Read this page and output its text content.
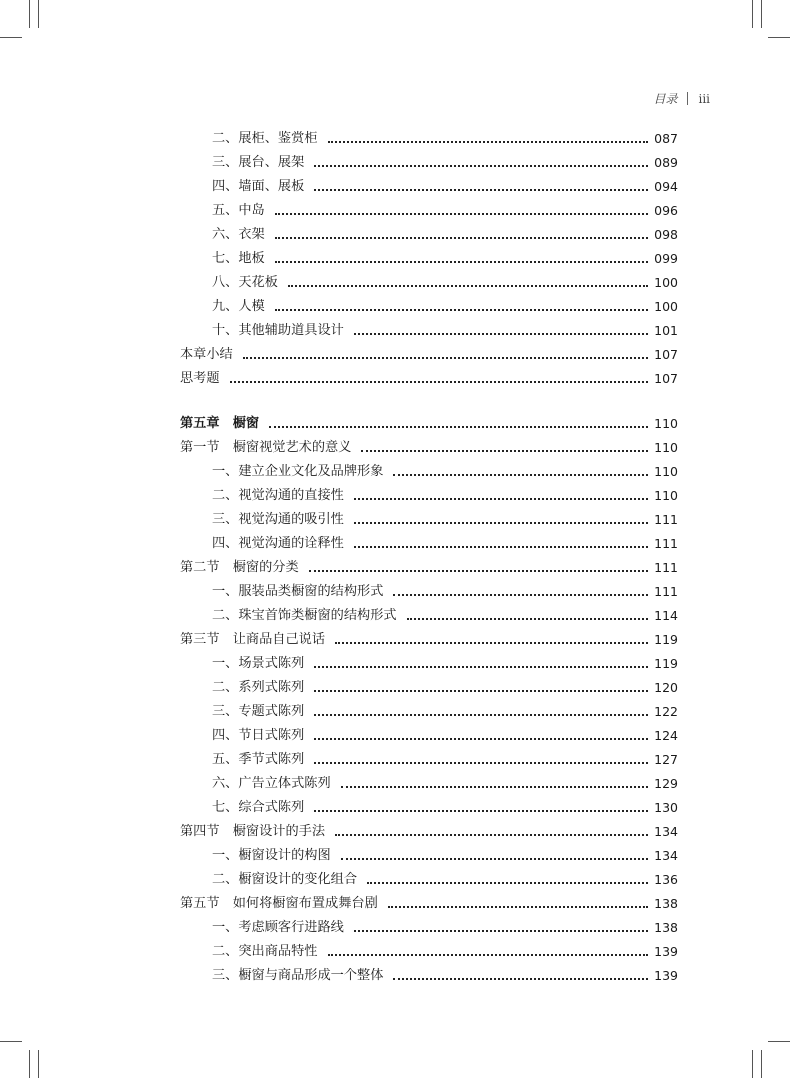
目录 iii
二、展柜、鉴赏柜	087
三、展台、展架	089
四、墙面、展板	094
五、中岛	096
六、衣架	098
七、地板	099
八、天花板	100
九、人模	100
十、其他辅助道具设计	101
本章小结	107
思考题	107
第五章　橱窗	110
第一节　橱窗视觉艺术的意义	110
一、建立企业文化及品牌形象	110
二、视觉沟通的直接性	110
三、视觉沟通的吸引性	111
四、视觉沟通的诠释性	111
第二节　橱窗的分类	111
一、服装品类橱窗的结构形式	111
二、珠宝首饰类橱窗的结构形式	114
第三节　让商品自己说话	119
一、场景式陈列	119
二、系列式陈列	120
三、专题式陈列	122
四、节日式陈列	124
五、季节式陈列	127
六、广告立体式陈列	129
七、综合式陈列	130
第四节　橱窗设计的手法	134
一、橱窗设计的构图	134
二、橱窗设计的变化组合	136
第五节　如何将橱窗布置成舞台剧	138
一、考虑顾客行进路线	138
二、突出商品特性	139
三、橱窗与商品形成一个整体	139
